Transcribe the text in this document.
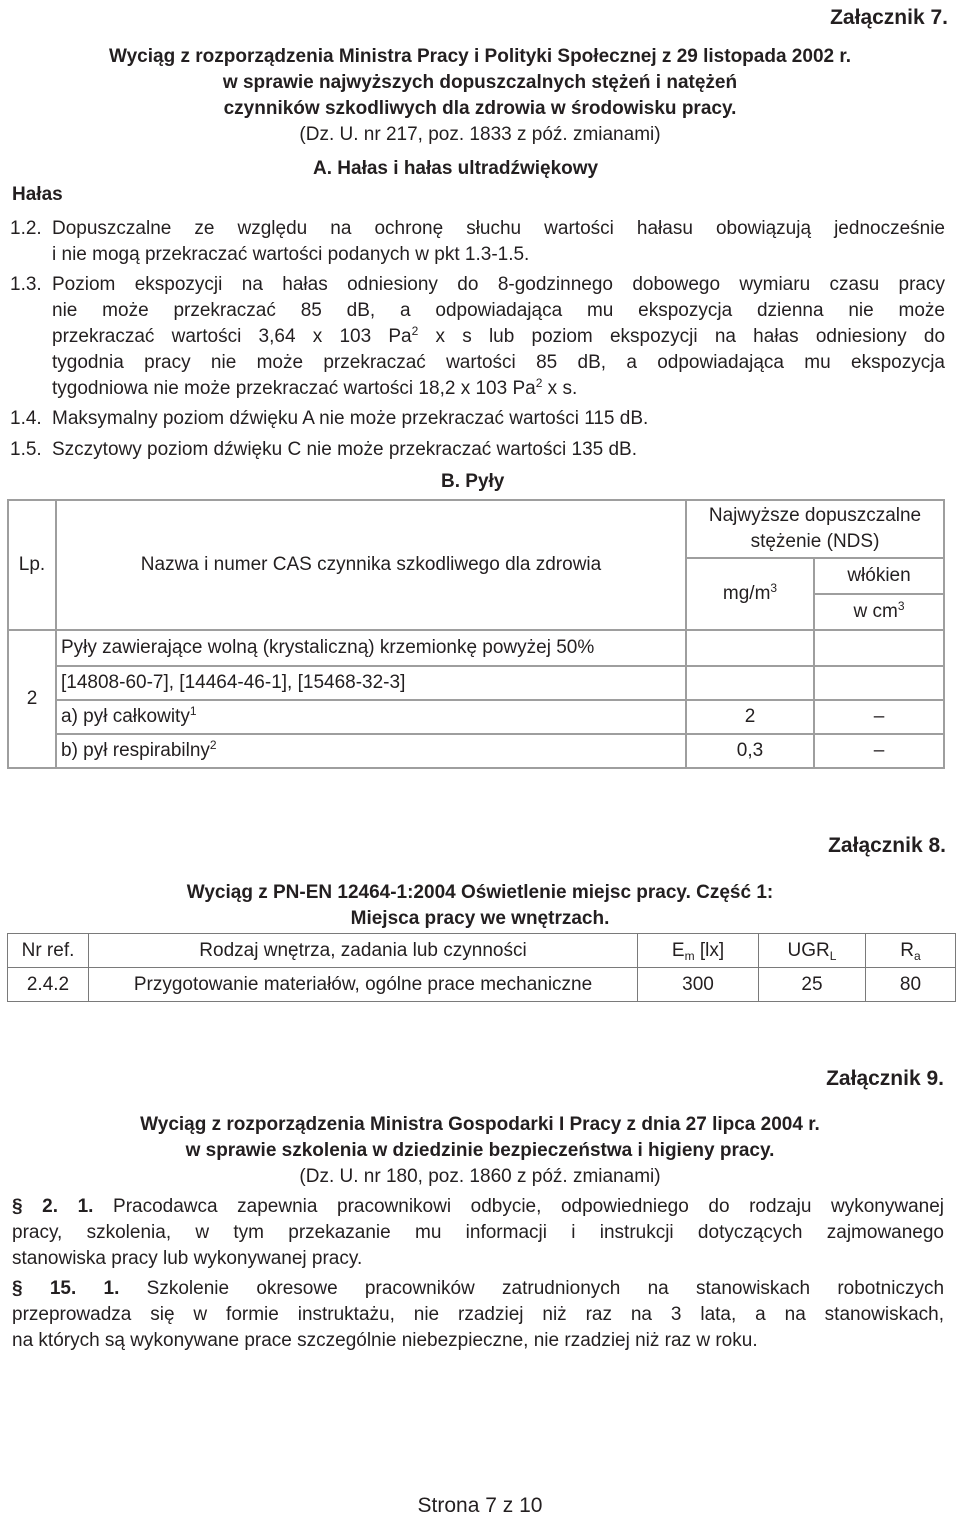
Załącznik 7.
Wyciąg z rozporządzenia Ministra Pracy i Polityki Społecznej z 29 listopada 2002 r.
w sprawie najwyższych dopuszczalnych stężeń i natężeń
czynników szkodliwych dla zdrowia w środowisku pracy.
(Dz. U. nr 217, poz. 1833 z póź. zmianami)
A. Hałas i hałas ultradźwiękowy
Hałas
1.2. Dopuszczalne ze względu na ochronę słuchu wartości hałasu obowiązują jednocześnie
i nie mogą przekraczać wartości podanych w pkt 1.3-1.5.
1.3. Poziom ekspozycji na hałas odniesiony do 8-godzinnego dobowego wymiaru czasu pracy
nie może przekraczać 85 dB, a odpowiadająca mu ekspozycja dzienna nie może
przekraczać wartości 3,64 x 103 Pa$^2$ x s lub poziom ekspozycji na hałas odniesiony do
tygodnia pracy nie może przekraczać wartości 85 dB, a odpowiadająca mu ekspozycja
tygodniowa nie może przekraczać wartości 18,2 x 103 Pa$^2$ x s.
1.4. Maksymalny poziom dźwięku A nie może przekraczać wartości 115 dB.
1.5. Szczytowy poziom dźwięku C nie może przekraczać wartości 135 dB.
B. Pyły
Lp.	Nazwa i numer CAS czynnika szkodliwego dla zdrowia	Najwyższe dopuszczalne stężenie (NDS)	
		$mg/m^3$	włókien
w $cm^3$

2	Pyły zawierające wolną (krystaliczną) krzemionkę powyżej 50%		
	[14808-60-7], [14464-46-1], [15468-32-3]		
	a) pył całkowity$^1$	2	–
	b) pył respirabilny$^2$	0,3	–
Załącznik 8.
Wyciąg z PN-EN 12464-1:2004 Oświetlenie miejsc pracy. Część 1:
Miejsca pracy we wnętrzach.
Nr ref.	Rodzaj wnętrza, zadania lub czynności	$E_m$ [lx]	$UGR_L$	$R_a$
2.4.2	Przygotowanie materiałów, ogólne prace mechaniczne	300	25	80
Załącznik 9.
Wyciąg z rozporządzenia Ministra Gospodarki I Pracy z dnia 27 lipca 2004 r.
w sprawie szkolenia w dziedzinie bezpieczeństwa i higieny pracy.
(Dz. U. nr 180, poz. 1860 z póź. zmianami)
§ 2. 1. Pracodawca zapewnia pracownikowi odbycie, odpowiedniego do rodzaju wykonywanej
pracy, szkolenia, w tym przekazanie mu informacji i instrukcji dotyczących zajmowanego
stanowiska pracy lub wykonywanej pracy.
§ 15. 1. Szkolenie okresowe pracowników zatrudnionych na stanowiskach robotniczych
przeprowadza się w formie instruktażu, nie rzadziej niż raz na 3 lata, a na stanowiskach,
na których są wykonywane prace szczególnie niebezpieczne, nie rzadziej niż raz w roku.
Strona 7 z 10
